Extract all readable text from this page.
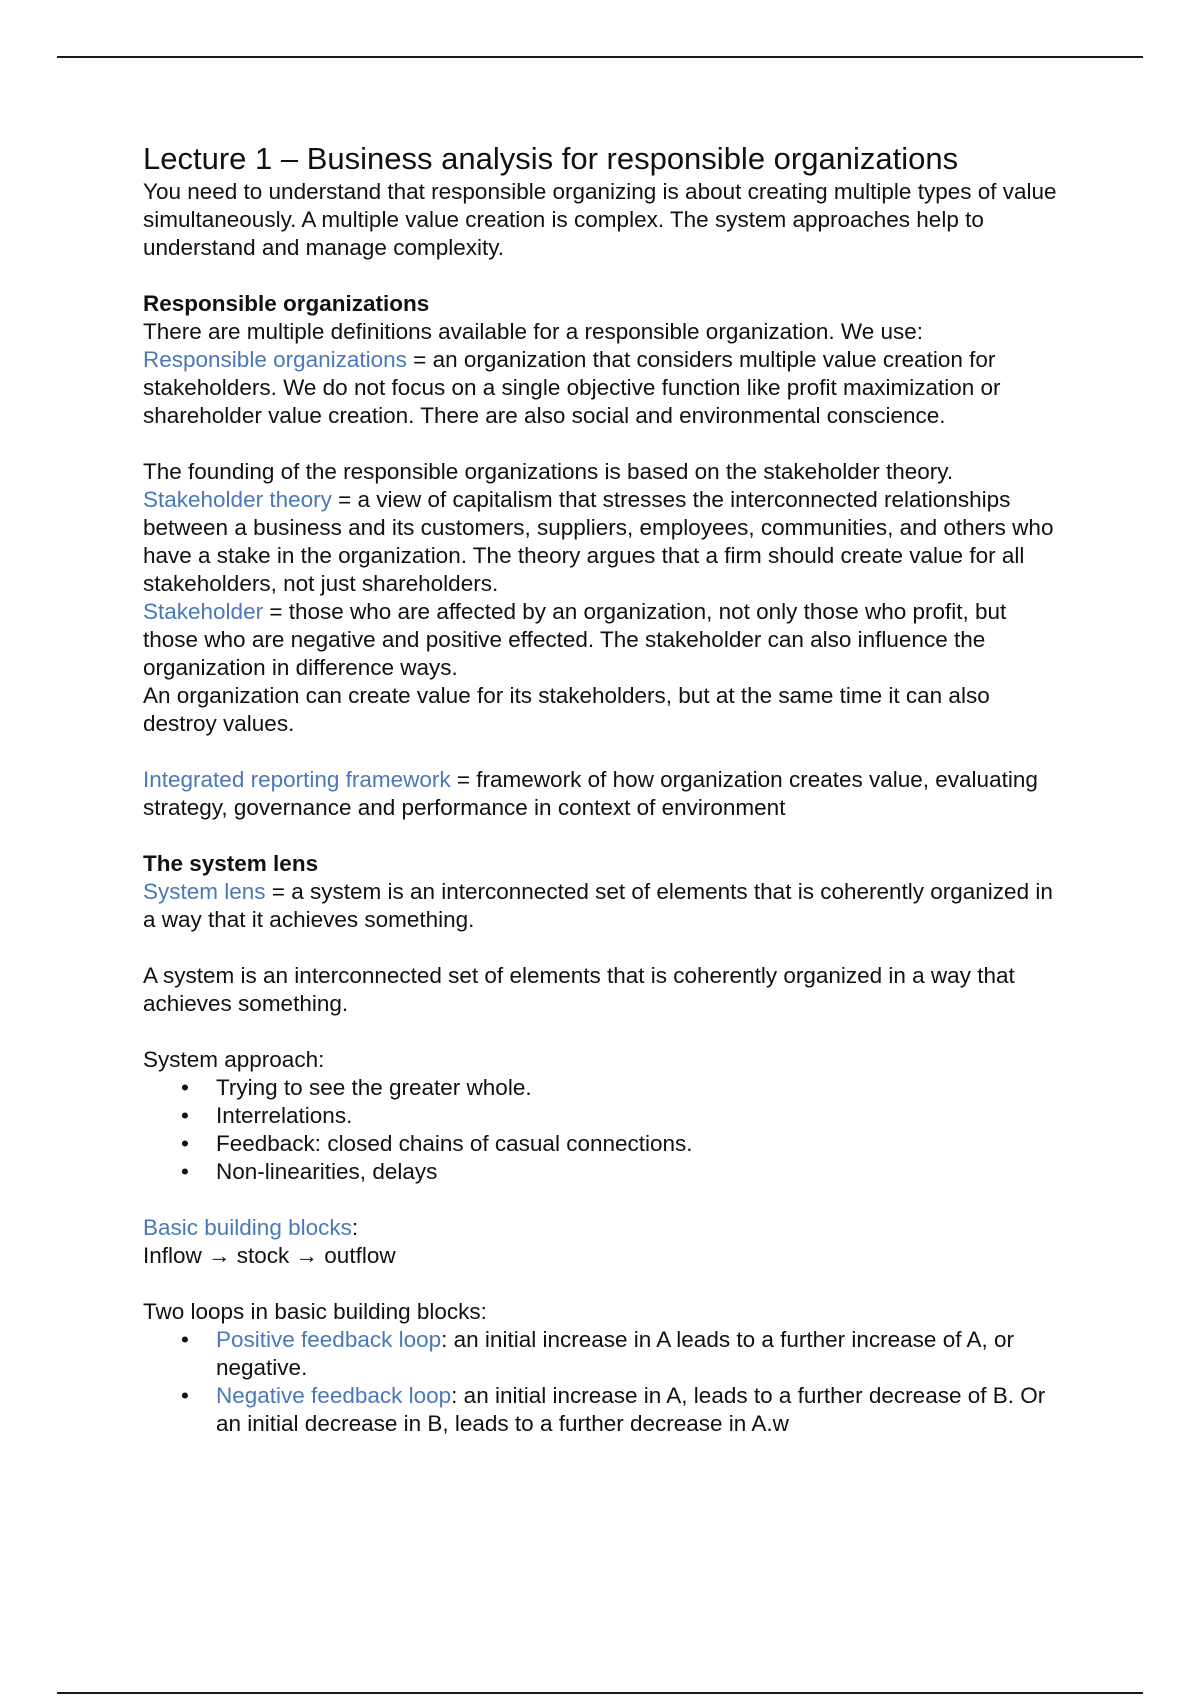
Lecture 1 – Business analysis for responsible organizations

You need to understand that responsible organizing is about creating multiple types of value simultaneously. A multiple value creation is complex. The system approaches help to understand and manage complexity.

Responsible organizations

There are multiple definitions available for a responsible organization. We use:

Responsible organizations = an organization that considers multiple value creation for stakeholders. We do not focus on a single objective function like profit maximization or shareholder value creation. There are also social and environmental conscience.

The founding of the responsible organizations is based on the stakeholder theory.

Stakeholder theory = a view of capitalism that stresses the interconnected relationships between a business and its customers, suppliers, employees, communities, and others who have a stake in the organization. The theory argues that a firm should create value for all stakeholders, not just shareholders.

Stakeholder = those who are affected by an organization, not only those who profit, but those who are negative and positive effected. The stakeholder can also influence the organization in difference ways.

An organization can create value for its stakeholders, but at the same time it can also destroy values.

Integrated reporting framework = framework of how organization creates value, evaluating strategy, governance and performance in context of environment

The system lens

System lens = a system is an interconnected set of elements that is coherently organized in a way that it achieves something.

A system is an interconnected set of elements that is coherently organized in a way that achieves something.

System approach:

• Trying to see the greater whole.
• Interrelations.
• Feedback: closed chains of casual connections.
• Non-linearities, delays

Basic building blocks:

Inflow → stock → outflow

Two loops in basic building blocks:

• Positive feedback loop: an initial increase in A leads to a further increase of A, or negative.
• Negative feedback loop: an initial increase in A, leads to a further decrease of B. Or an initial decrease in B, leads to a further decrease in A.w
